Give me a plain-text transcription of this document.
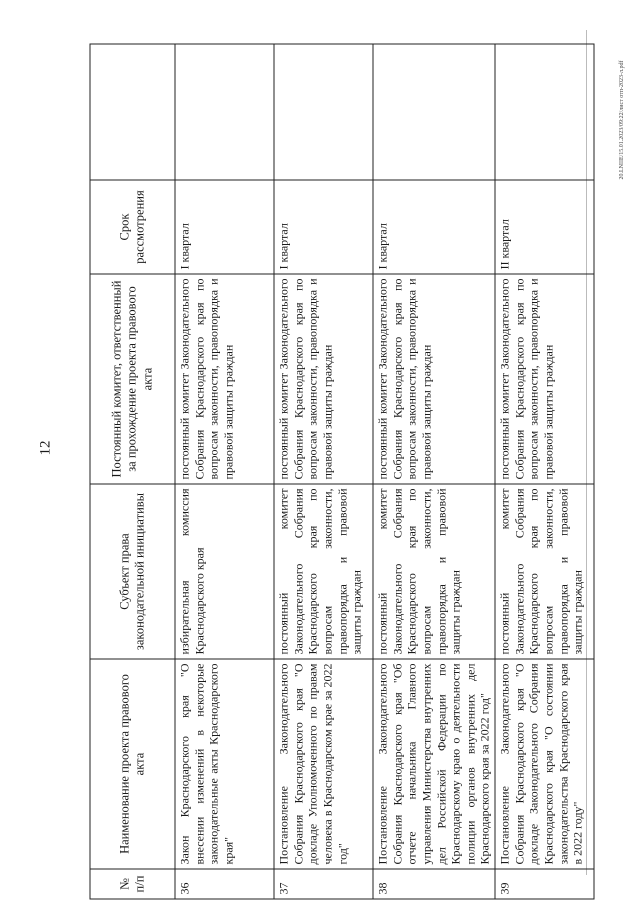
12
20.LNIIE/15.01.2023/09:22/лист отп-2023-л.pdf
№ п/п	Наименование проекта правового акта	Субъект права законодательной инициативы	Постоянный комитет, ответственный за прохождение проекта правового акта	Срок рассмотрения	
36	Закон Краснодарского края "О внесении изменений в некоторые законодательные акты Краснодарского края"	избирательная комиссия Краснодарского края	постоянный комитет Законодательного Собрания Краснодарского края по вопросам законности, правопорядка и правовой защиты граждан	I квартал	
37	Постановление Законодательного Собрания Краснодарского края "О докладе Уполномоченного по правам человека в Краснодарском крае за 2022 год"	постоянный комитет Законодательного Собрания Краснодарского края по вопросам законности, правопорядка и правовой защиты граждан	постоянный комитет Законодательного Собрания Краснодарского края по вопросам законности, правопорядка и правовой защиты граждан	I квартал	
38	Постановление Законодательного Собрания Краснодарского края "Об отчете начальника Главного управления Министерства внутренних дел Российской Федерации по Краснодарскому краю о деятельности полиции органов внутренних дел Краснодарского края за 2022 год"	постоянный комитет Законодательного Собрания Краснодарского края по вопросам законности, правопорядка и правовой защиты граждан	постоянный комитет Законодательного Собрания Краснодарского края по вопросам законности, правопорядка и правовой защиты граждан	I квартал	
39	Постановление Законодательного Собрания Краснодарского края "О докладе Законодательного Собрания Краснодарского края "О состоянии законодательства Краснодарского края в 2022 году"	постоянный комитет Законодательного Собрания Краснодарского края по вопросам законности, правопорядка и правовой защиты граждан	постоянный комитет Законодательного Собрания Краснодарского края по вопросам законности, правопорядка и правовой защиты граждан	II квартал	
